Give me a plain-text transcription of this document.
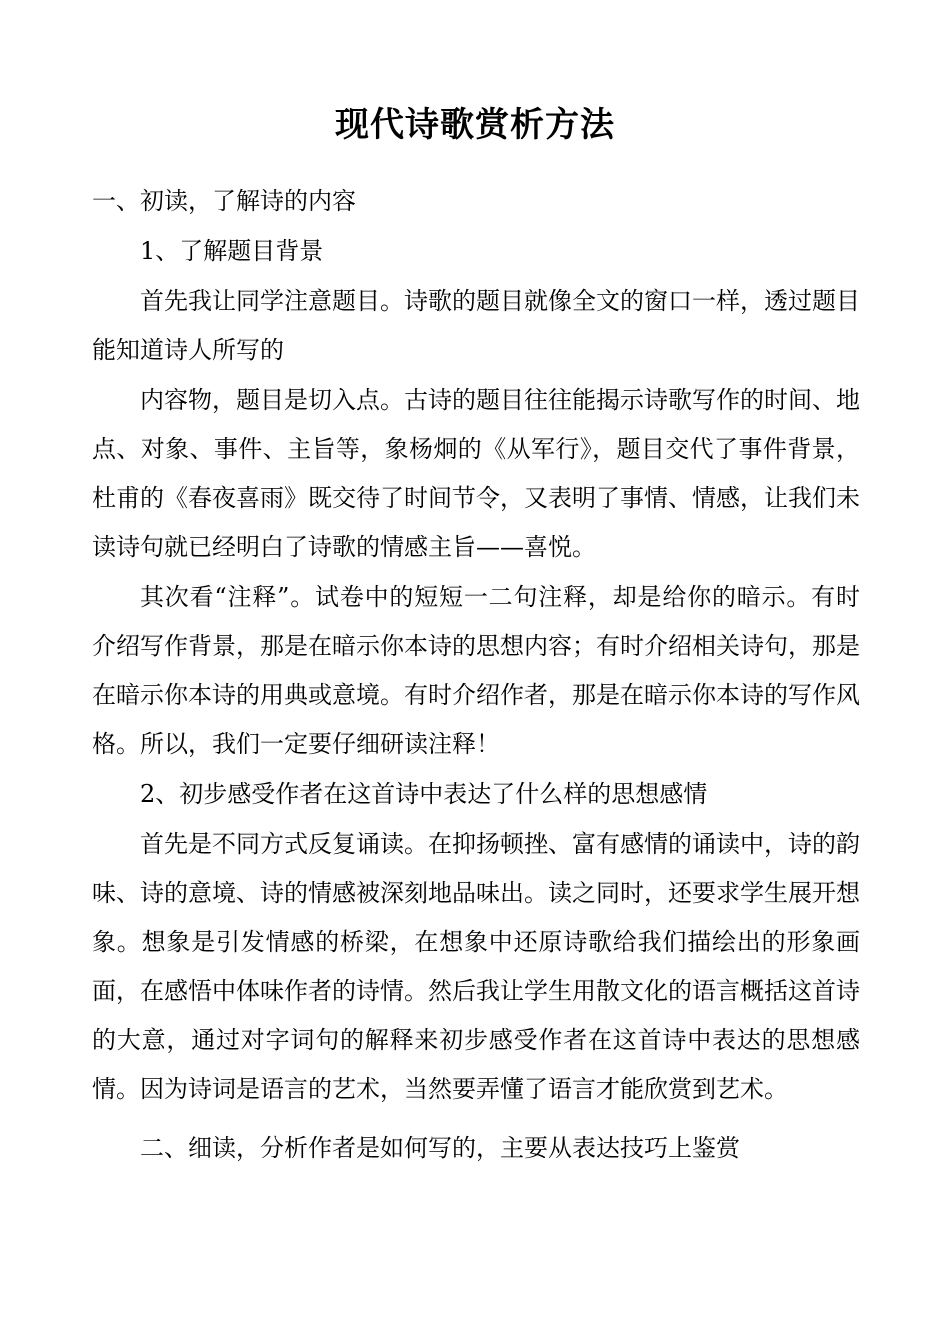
现代诗歌赏析方法

一、初读，了解诗的内容

1、了解题目背景

首先我让同学注意题目。诗歌的题目就像全文的窗口一样，透过题目能知道诗人所写的

内容物，题目是切入点。古诗的题目往往能揭示诗歌写作的时间、地点、对象、事件、主旨等，象杨炯的《从军行》，题目交代了事件背景，杜甫的《春夜喜雨》既交待了时间节令，又表明了事情、情感，让我们未读诗句就已经明白了诗歌的情感主旨——喜悦。

其次看“注释”。试卷中的短短一二句注释，却是给你的暗示。有时介绍写作背景，那是在暗示你本诗的思想内容；有时介绍相关诗句，那是在暗示你本诗的用典或意境。有时介绍作者，那是在暗示你本诗的写作风格。所以，我们一定要仔细研读注释！

2、初步感受作者在这首诗中表达了什么样的思想感情

首先是不同方式反复诵读。在抑扬顿挫、富有感情的诵读中，诗的韵味、诗的意境、诗的情感被深刻地品味出。读之同时，还要求学生展开想象。想象是引发情感的桥梁，在想象中还原诗歌给我们描绘出的形象画面，在感悟中体味作者的诗情。然后我让学生用散文化的语言概括这首诗的大意，通过对字词句的解释来初步感受作者在这首诗中表达的思想感情。因为诗词是语言的艺术，当然要弄懂了语言才能欣赏到艺术。

二、细读，分析作者是如何写的，主要从表达技巧上鉴赏
